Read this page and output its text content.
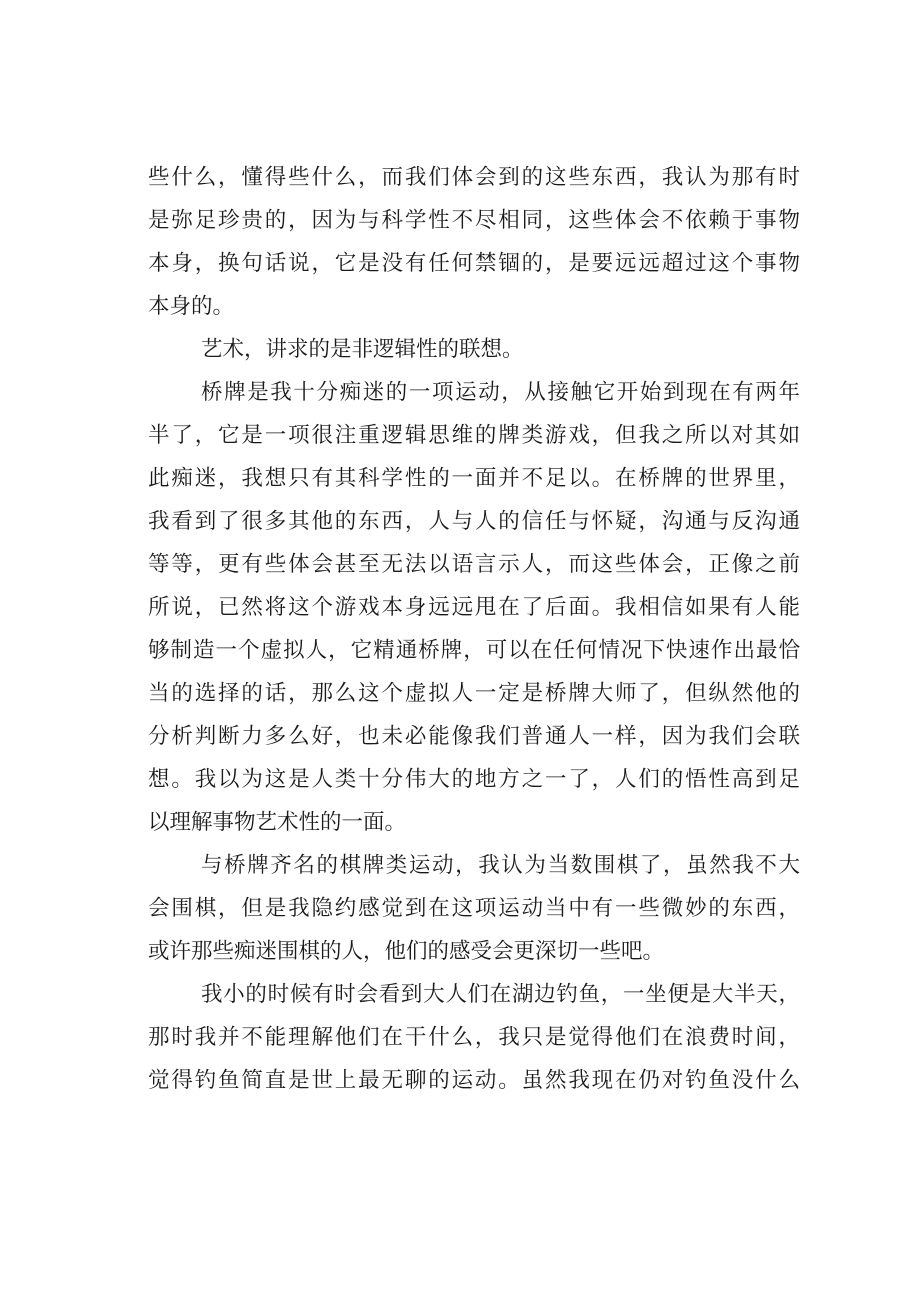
些什么，懂得些什么，而我们体会到的这些东西，我认为那有时
是弥足珍贵的，因为与科学性不尽相同，这些体会不依赖于事物
本身，换句话说，它是没有任何禁锢的，是要远远超过这个事物
本身的。
艺术，讲求的是非逻辑性的联想。
桥牌是我十分痴迷的一项运动，从接触它开始到现在有两年
半了，它是一项很注重逻辑思维的牌类游戏，但我之所以对其如
此痴迷，我想只有其科学性的一面并不足以。在桥牌的世界里，
我看到了很多其他的东西，人与人的信任与怀疑，沟通与反沟通
等等，更有些体会甚至无法以语言示人，而这些体会，正像之前
所说，已然将这个游戏本身远远甩在了后面。我相信如果有人能
够制造一个虚拟人，它精通桥牌，可以在任何情况下快速作出最恰
当的选择的话，那么这个虚拟人一定是桥牌大师了，但纵然他的
分析判断力多么好，也未必能像我们普通人一样，因为我们会联
想。我以为这是人类十分伟大的地方之一了，人们的悟性高到足
以理解事物艺术性的一面。
与桥牌齐名的棋牌类运动，我认为当数围棋了，虽然我不大
会围棋，但是我隐约感觉到在这项运动当中有一些微妙的东西，
或许那些痴迷围棋的人，他们的感受会更深切一些吧。
我小的时候有时会看到大人们在湖边钓鱼，一坐便是大半天，
那时我并不能理解他们在干什么，我只是觉得他们在浪费时间，
觉得钓鱼简直是世上最无聊的运动。虽然我现在仍对钓鱼没什么
